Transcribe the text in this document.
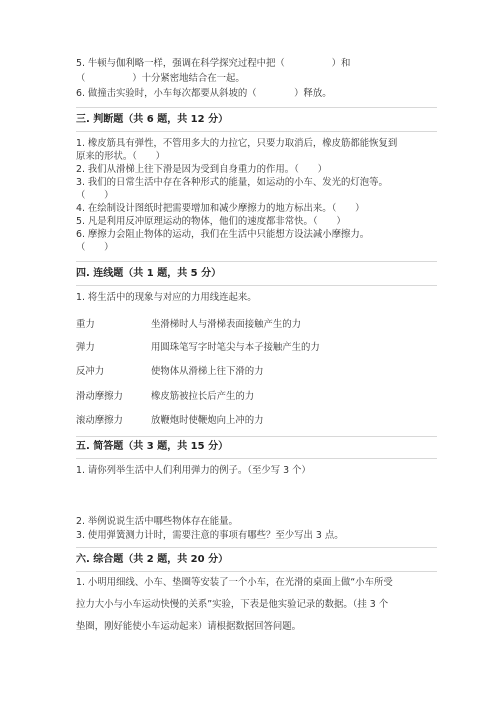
5. 牛顿与伽利略一样，强调在科学探究过程中把（　　　　　）和
（　　　　　）十分紧密地结合在一起。
6. 做撞击实验时，小车每次都要从斜坡的（　　　　）释放。
三. 判断题（共 6 题，共 12 分）
1. 橡皮筋具有弹性，不管用多大的力拉它，只要力取消后，橡皮筋都能恢复到
原来的形状。（　　）
2. 我们从滑梯上往下滑是因为受到自身重力的作用。（　　）
3. 我们的日常生活中存在各种形式的能量，如运动的小车、发光的灯泡等。
（　　）
4. 在绘制设计图纸时把需要增加和减少摩擦力的地方标出来。（　　）
5. 凡是利用反冲原理运动的物体，他们的速度都非常快。（　　）
6. 摩擦力会阻止物体的运动，我们在生活中只能想方设法减小摩擦力。
（　　）
四. 连线题（共 1 题，共 5 分）
1. 将生活中的现象与对应的力用线连起来。
重力	坐滑梯时人与滑梯表面接触产生的力
弹力	用圆珠笔写字时笔尖与本子接触产生的力
反冲力	使物体从滑梯上往下滑的力
滑动摩擦力	橡皮筋被拉长后产生的力
滚动摩擦力	放鞭炮时使鞭炮向上冲的力
五. 简答题（共 3 题，共 15 分）
1. 请你列举生活中人们利用弹力的例子。（至少写 3 个）
2. 举例说说生活中哪些物体存在能量。
3. 使用弹簧测力计时，需要注意的事项有哪些？至少写出 3 点。
六. 综合题（共 2 题，共 20 分）
1. 小明用细线、小车、垫圈等安装了一个小车，在光滑的桌面上做“小车所受
拉力大小与小车运动快慢的关系”实验，下表是他实验记录的数据。（挂 3 个
垫圈，刚好能使小车运动起来）请根据数据回答问题。
